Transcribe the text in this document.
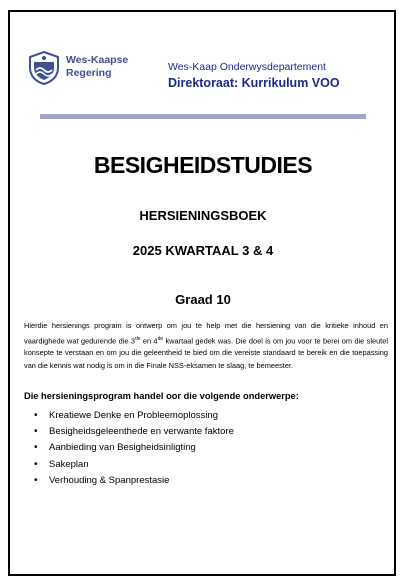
Wes-Kaapse
Regering	Wes-Kaap Onderwysdepartement
Direktoraat: Kurrikulum VOO
BESIGHEIDSTUDIES
HERSIENINGSBOEK
2025 KWARTAAL 3 & 4
Graad 10
Hierdie hersienings program is ontwerp om jou te help met die hersiening van die kritieke inhoud en vaardighede wat gedurende die 3de en 4de kwartaal gedek was. Die doel is om jou voor te berei om die sleutel konsepte te verstaan en om jou die geleentheid te bied om die vereiste standaard te bereik en die toepassing van die kennis wat nodig is om in die Finale NSS-eksamen te slaag, te bemeester.
Die hersieningsprogram handel oor die volgende onderwerpe:
• Kreatiewe Denke en Probleemoplossing
• Besigheidsgeleenthede en verwante faktore
• Aanbieding van Besigheidsinligting
• Sakeplan
• Verhouding & Spanprestasie
